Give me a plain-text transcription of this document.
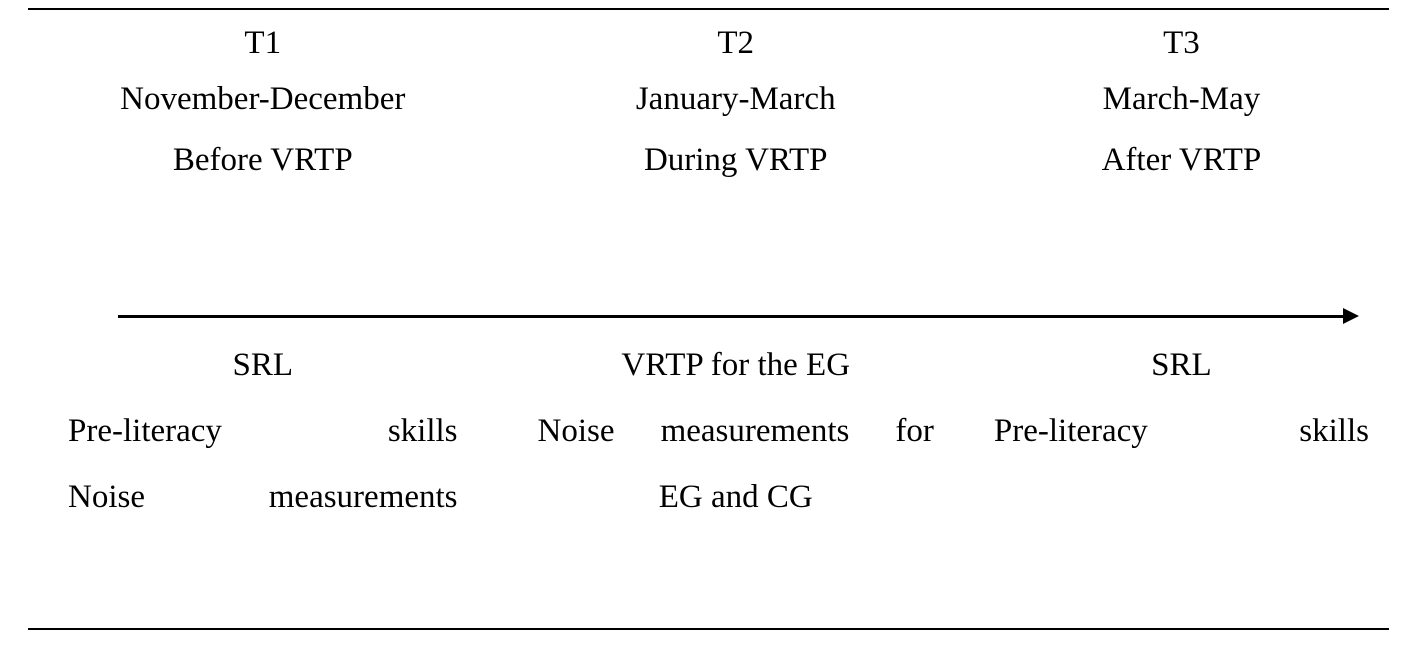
T1
November-December
Before VRTP
T2
January-March
During VRTP
T3
March-May
After VRTP
SRL
Pre-literacy skills
Noise measurements
VRTP for the EG
Noise measurements for
EG and CG
SRL
Pre-literacy skills
